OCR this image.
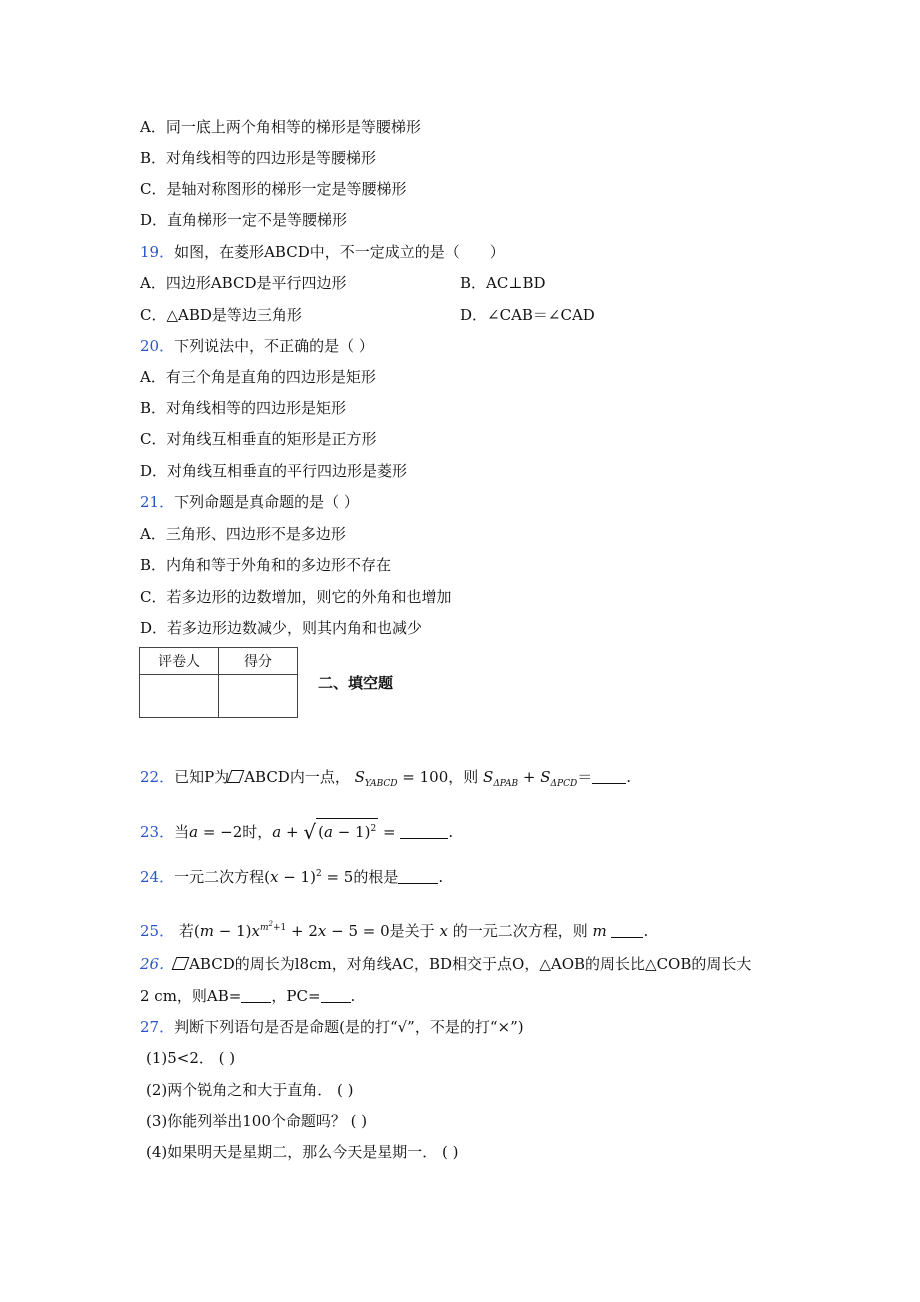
A．同一底上两个角相等的梯形是等腰梯形
B．对角线相等的四边形是等腰梯形
C．是轴对称图形的梯形一定是等腰梯形
D．直角梯形一定不是等腰梯形
19．如图，在菱形ABCD中，不一定成立的是（　　）
A．四边形ABCD是平行四边形	B．AC⊥BD
C．△ABD是等边三角形	D．∠CAB＝∠CAD
20．下列说法中，不正确的是（ ）
A．有三个角是直角的四边形是矩形
B．对角线相等的四边形是矩形
C．对角线互相垂直的矩形是正方形
D．对角线互相垂直的平行四边形是菱形
21．下列命题是真命题的是（ ）
A．三角形、四边形不是多边形
B．内角和等于外角和的多边形不存在
C．若多边形的边数增加，则它的外角和也增加
D．若多边形边数减少，则其内角和也减少
评卷人	得分

二、填空题
22．已知P为 ABCD内一点， $S_{YABCD} = 100$，则 $S_{\Delta PAB} + S_{\Delta PCD}=$ .
23．当a = −2时，a + √ $(a - 1)^2$ =	.
24．一元二次方程$(x - 1)^2 = 5$的根是	.
25． 若$(m - 1)x^{m^2+1} + 2x - 5 = 0$是关于 x 的一元二次方程，则 m .
26． ABCD的周长为l8cm，对角线AC，BD相交于点O，△AOB的周长比△COB的周长大
2 cm，则AB= ，PC= .
27．判断下列语句是否是命题(是的打“√”，不是的打“×”)
(1)5<2． ( )
(2)两个锐角之和大于直角． ( )
(3)你能列举出100个命题吗？ ( )
(4)如果明天是星期二，那么今天是星期一． ( )
